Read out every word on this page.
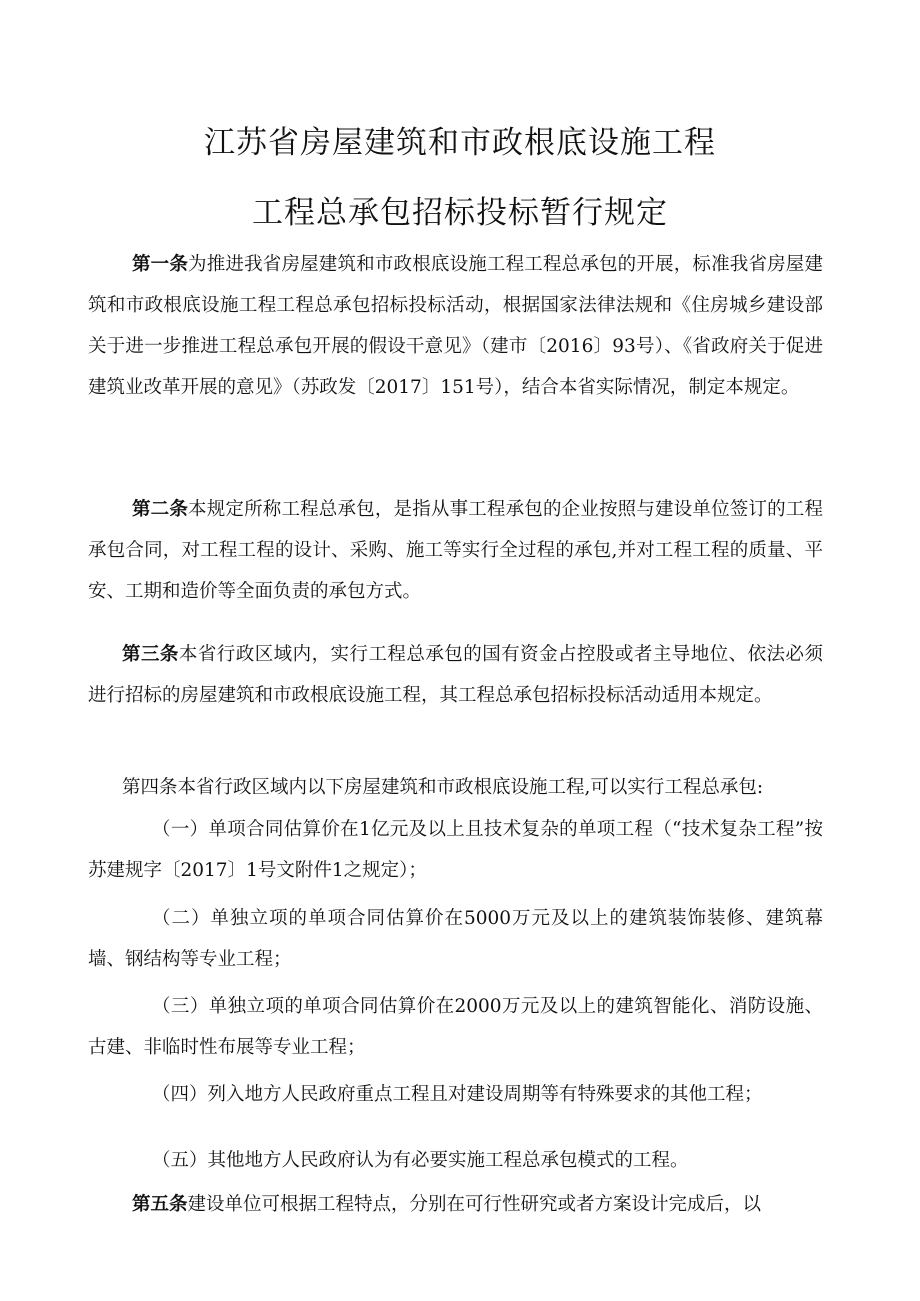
江苏省房屋建筑和市政根底设施工程
工程总承包招标投标暂行规定
第一条为推进我省房屋建筑和市政根底设施工程工程总承包的开展，标准我省房屋建筑和市政根底设施工程工程总承包招标投标活动，根据国家法律法规和《住房城乡建设部关于进一步推进工程总承包开展的假设干意见》（建市〔2016〕93号）、《省政府关于促进建筑业改革开展的意见》（苏政发〔2017〕151号），结合本省实际情况，制定本规定。
第二条本规定所称工程总承包，是指从事工程承包的企业按照与建设单位签订的工程承包合同，对工程工程的设计、采购、施工等实行全过程的承包,并对工程工程的质量、平安、工期和造价等全面负责的承包方式。
第三条本省行政区域内，实行工程总承包的国有资金占控股或者主导地位、依法必须进行招标的房屋建筑和市政根底设施工程，其工程总承包招标投标活动适用本规定。
第四条本省行政区域内以下房屋建筑和市政根底设施工程,可以实行工程总承包:
（一）单项合同估算价在1亿元及以上且技术复杂的单项工程（“技术复杂工程”按苏建规字〔2017〕1号文附件1之规定）；
（二）单独立项的单项合同估算价在5000万元及以上的建筑装饰装修、建筑幕墙、钢结构等专业工程；
（三）单独立项的单项合同估算价在2000万元及以上的建筑智能化、消防设施、古建、非临时性布展等专业工程；
（四）列入地方人民政府重点工程且对建设周期等有特殊要求的其他工程；
（五）其他地方人民政府认为有必要实施工程总承包模式的工程。
第五条建设单位可根据工程特点，分别在可行性研究或者方案设计完成后，以
